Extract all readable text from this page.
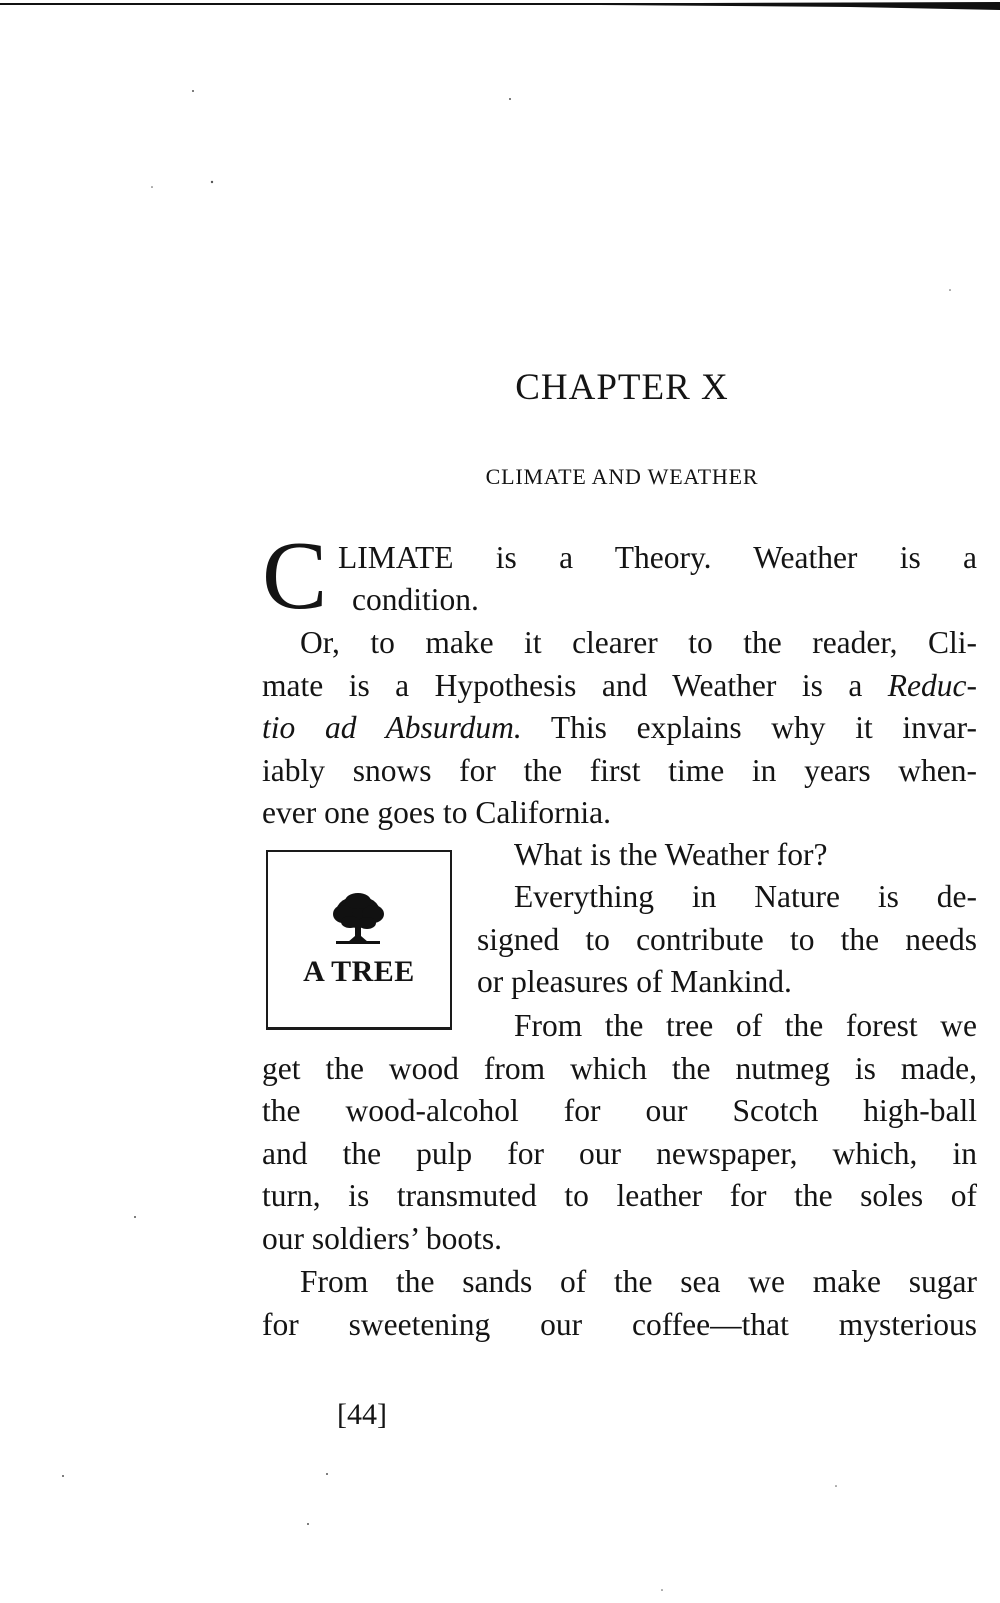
CHAPTER X
CLIMATE AND WEATHER
C LIMATE is a Theory. Weather is a
condition.
Or, to make it clearer to the reader, Cli-
mate is a Hypothesis and Weather is a Reduc-
tio ad Absurdum. This explains why it invar-
iably snows for the first time in years when-
ever one goes to California.
A TREE
What is the Weather for?
Everything in Nature is de-
signed to contribute to the needs
or pleasures of Mankind.
From the tree of the forest we
get the wood from which the nutmeg is made,
the wood-alcohol for our Scotch high-ball
and the pulp for our newspaper, which, in
turn, is transmuted to leather for the soles of
our soldiers’ boots.
From the sands of the sea we make sugar
for sweetening our coffee—that mysterious
[44]
